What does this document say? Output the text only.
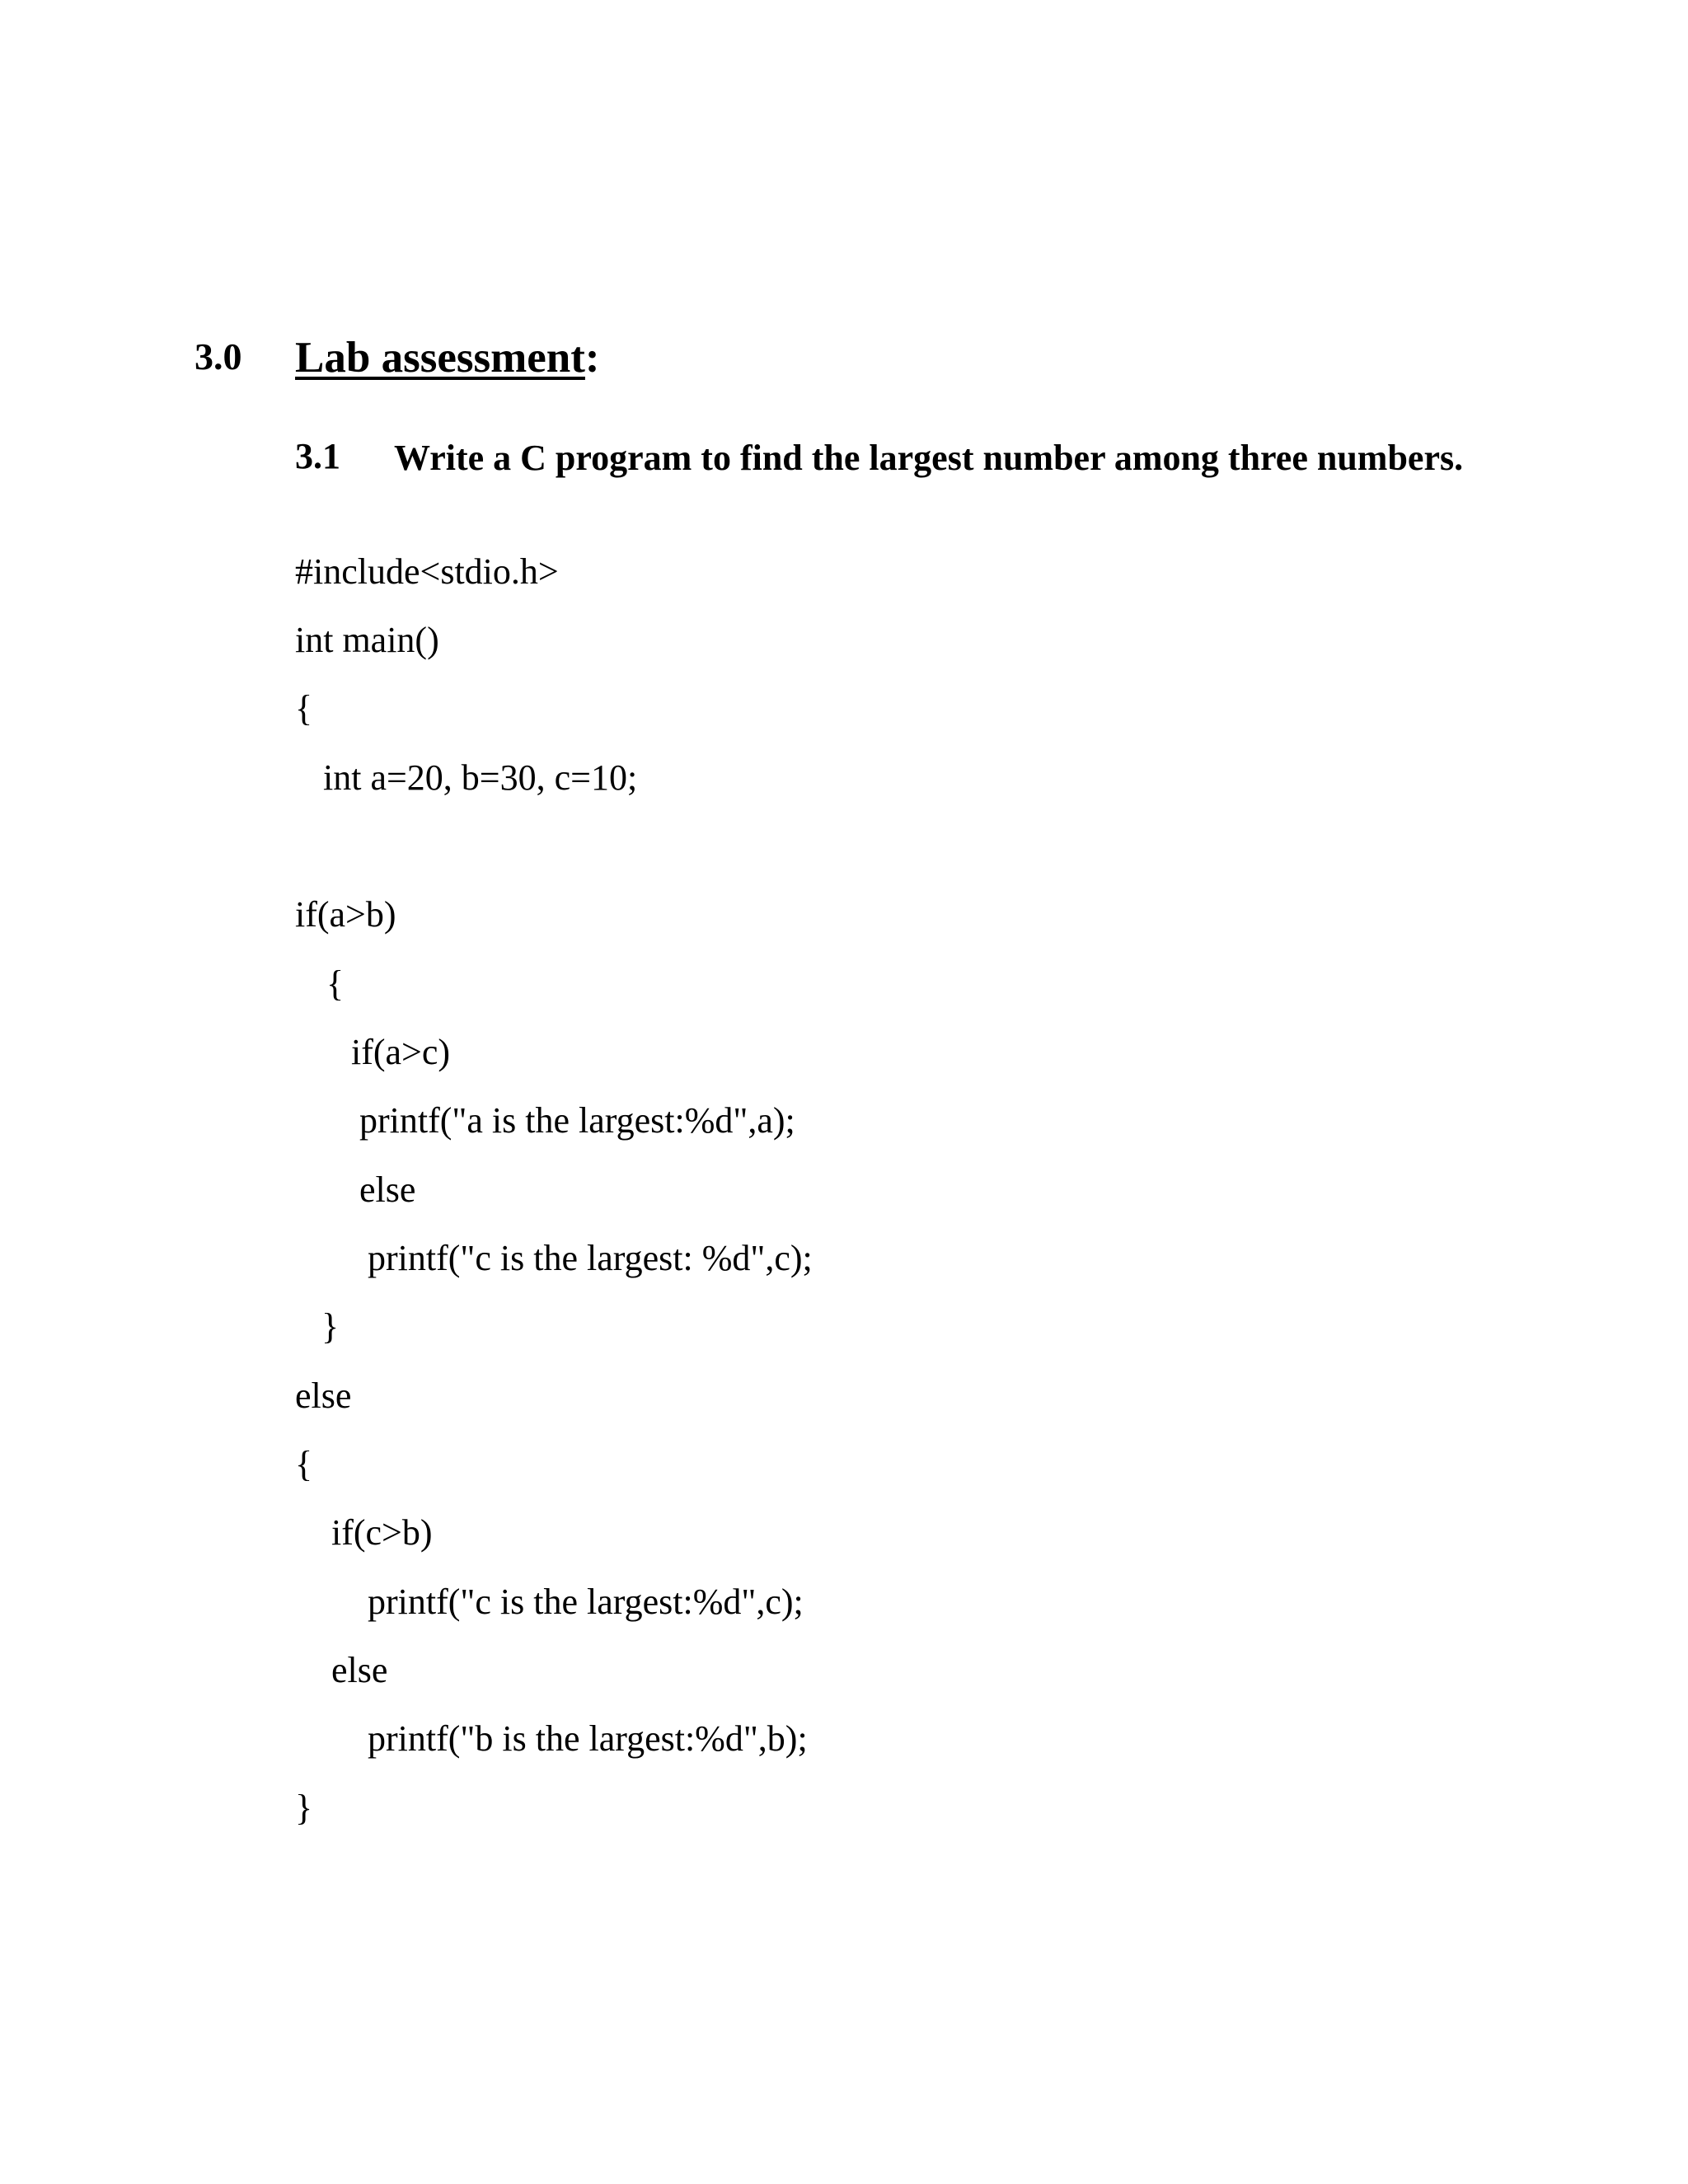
3.0 Lab assessment:
3.1 Write a C program to find the largest number among three numbers.
#include<stdio.h>
int main()
{
int a=20, b=30, c=10;
if(a>b)
{
if(a>c)
printf("a is the largest:%d",a);
else
printf("c is the largest: %d",c);
}
else
{
if(c>b)
printf("c is the largest:%d",c);
else
printf("b is the largest:%d",b);
}
